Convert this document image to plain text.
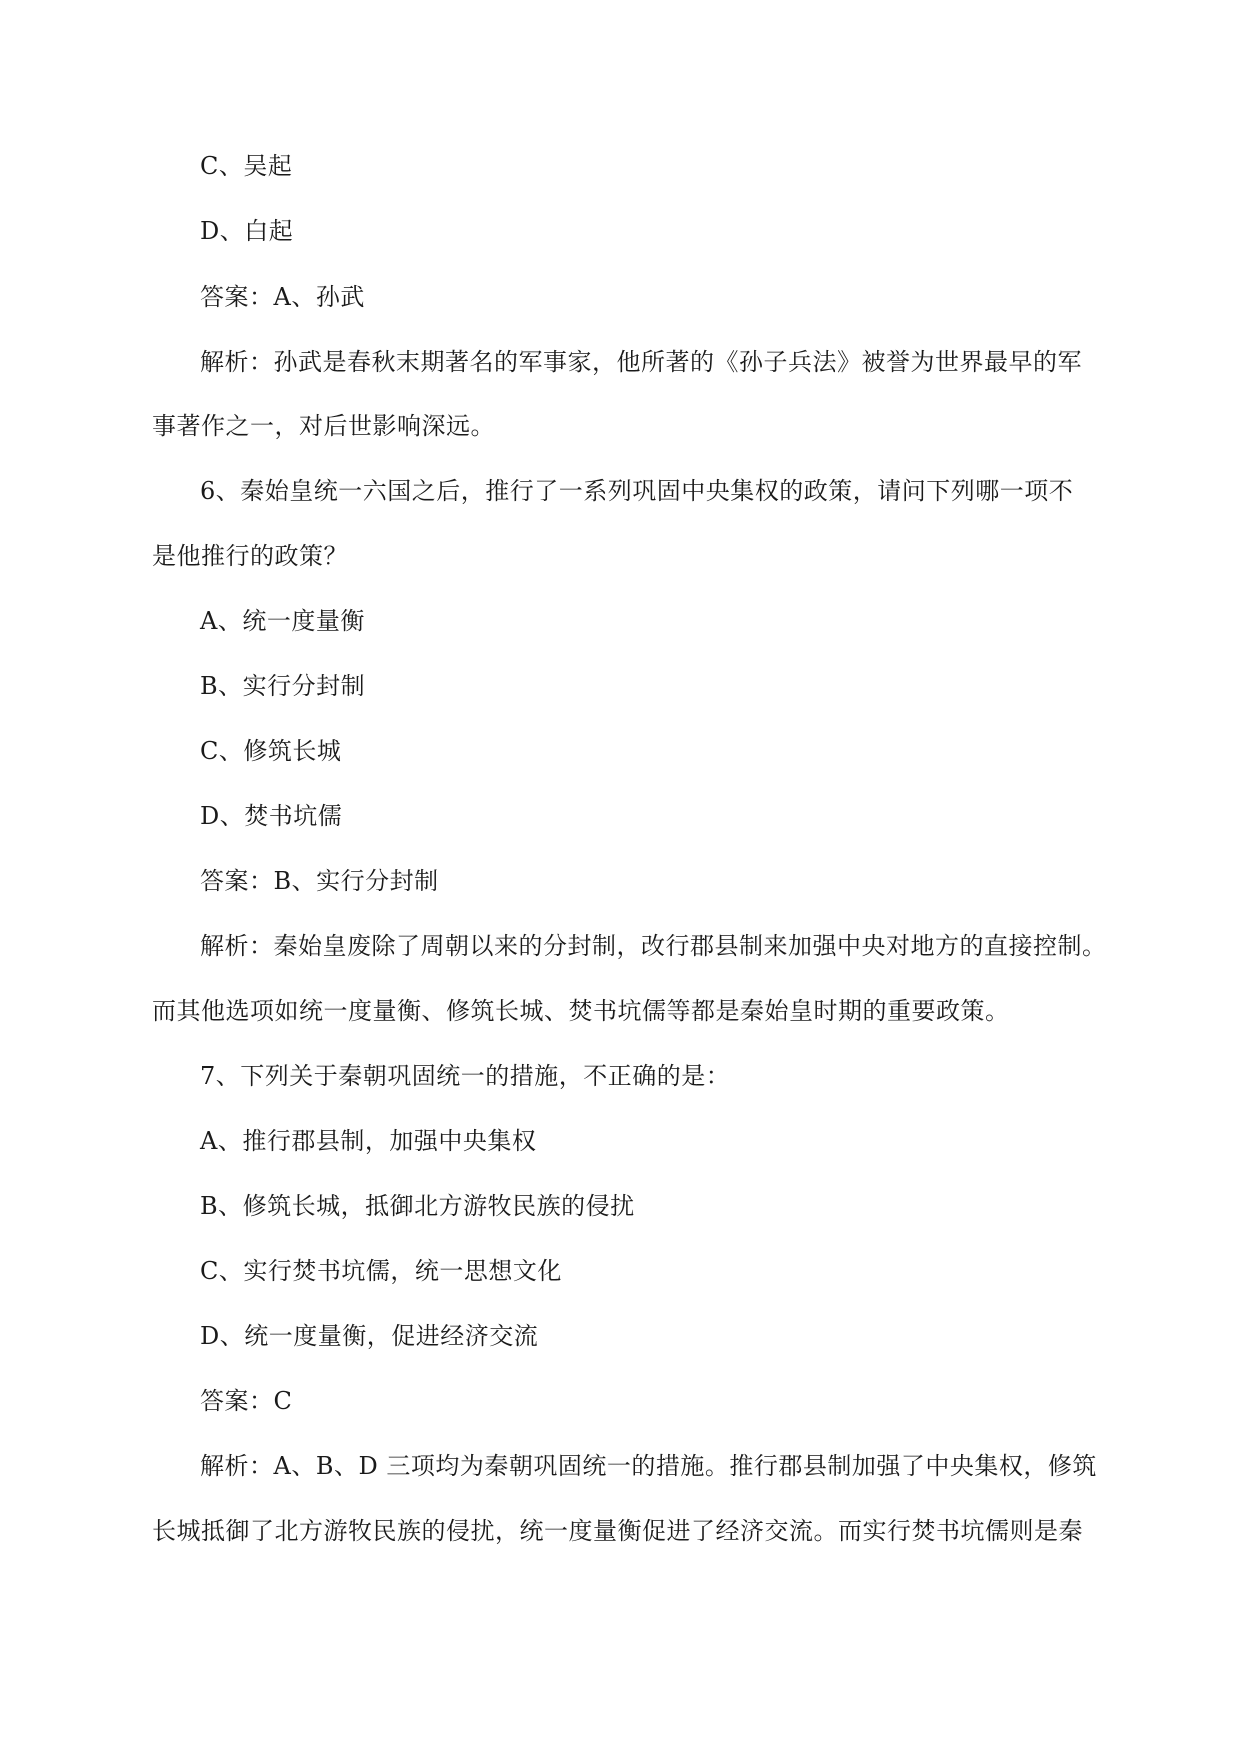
C、吴起
D、白起
答案：A、孙武
解析：孙武是春秋末期著名的军事家，他所著的《孙子兵法》被誉为世界最早的军
事著作之一，对后世影响深远。
6、秦始皇统一六国之后，推行了一系列巩固中央集权的政策，请问下列哪一项不
是他推行的政策？
A、统一度量衡
B、实行分封制
C、修筑长城
D、焚书坑儒
答案：B、实行分封制
解析：秦始皇废除了周朝以来的分封制，改行郡县制来加强中央对地方的直接控制。
而其他选项如统一度量衡、修筑长城、焚书坑儒等都是秦始皇时期的重要政策。
7、下列关于秦朝巩固统一的措施，不正确的是：
A、推行郡县制，加强中央集权
B、修筑长城，抵御北方游牧民族的侵扰
C、实行焚书坑儒，统一思想文化
D、统一度量衡，促进经济交流
答案：C
解析：A、B、D 三项均为秦朝巩固统一的措施。推行郡县制加强了中央集权，修筑
长城抵御了北方游牧民族的侵扰，统一度量衡促进了经济交流。而实行焚书坑儒则是秦
